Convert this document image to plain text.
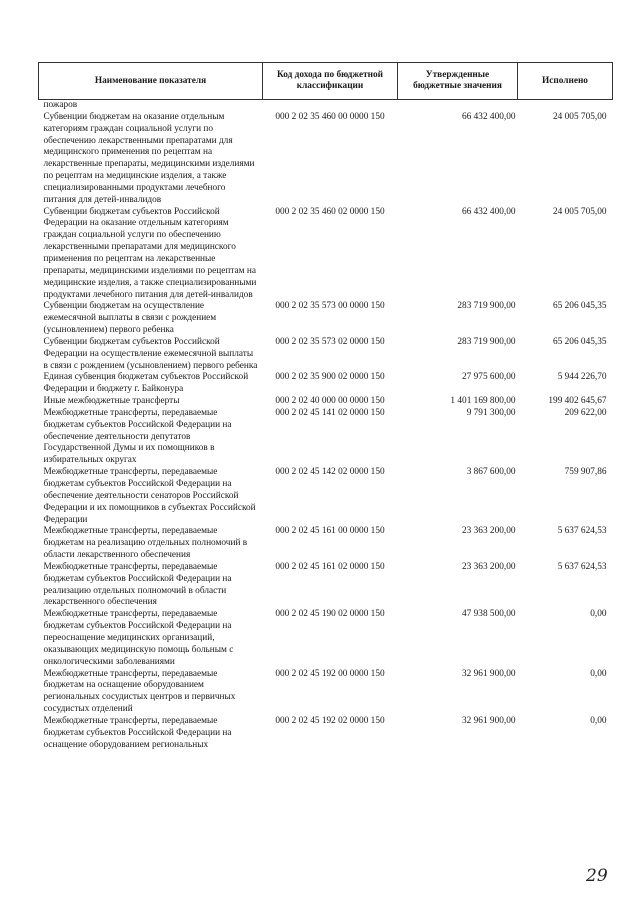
Наименование показателя	Код дохода по бюджетной классификации	Утвержденные бюджетные значения	Исполнено
пожаров			
Субвенции бюджетам на оказание отдельным категориям граждан социальной услуги по обеспечению лекарственными препаратами для медицинского применения по рецептам на лекарственные препараты, медицинскими изделиями по рецептам на медицинские изделия, а также специализированными продуктами лечебного питания для детей-инвалидов	000 2 02 35 460 00 0000 150	66 432 400,00	24 005 705,00
Субвенции бюджетам субъектов Российской Федерации на оказание отдельным категориям граждан социальной услуги по обеспечению лекарственными препаратами для медицинского применения по рецептам на лекарственные препараты, медицинскими изделиями по рецептам на медицинские изделия, а также специализированными продуктами лечебного питания для детей-инвалидов	000 2 02 35 460 02 0000 150	66 432 400,00	24 005 705,00
Субвенции бюджетам на осуществление ежемесячной выплаты в связи с рождением (усыновлением) первого ребенка	000 2 02 35 573 00 0000 150	283 719 900,00	65 206 045,35
Субвенции бюджетам субъектов Российской Федерации на осуществление ежемесячной выплаты в связи с рождением (усыновлением) первого ребенка	000 2 02 35 573 02 0000 150	283 719 900,00	65 206 045,35
Единая субвенция бюджетам субъектов Российской Федерации и бюджету г. Байконура	000 2 02 35 900 02 0000 150	27 975 600,00	5 944 226,70
Иные межбюджетные трансферты	000 2 02 40 000 00 0000 150	1 401 169 800,00	199 402 645,67
Межбюджетные трансферты, передаваемые бюджетам субъектов Российской Федерации на обеспечение деятельности депутатов Государственной Думы и их помощников в избирательных округах	000 2 02 45 141 02 0000 150	9 791 300,00	209 622,00
Межбюджетные трансферты, передаваемые бюджетам субъектов Российской Федерации на обеспечение деятельности сенаторов Российской Федерации и их помощников в субъектах Российской Федерации	000 2 02 45 142 02 0000 150	3 867 600,00	759 907,86
Межбюджетные трансферты, передаваемые бюджетам на реализацию отдельных полномочий в области лекарственного обеспечения	000 2 02 45 161 00 0000 150	23 363 200,00	5 637 624,53
Межбюджетные трансферты, передаваемые бюджетам субъектов Российской Федерации на реализацию отдельных полномочий в области лекарственного обеспечения	000 2 02 45 161 02 0000 150	23 363 200,00	5 637 624,53
Межбюджетные трансферты, передаваемые бюджетам субъектов Российской Федерации на переоснащение медицинских организаций, оказывающих медицинскую помощь больным с онкологическими заболеваниями	000 2 02 45 190 02 0000 150	47 938 500,00	0,00
Межбюджетные трансферты, передаваемые бюджетам на оснащение оборудованием региональных сосудистых центров и первичных сосудистых отделений	000 2 02 45 192 00 0000 150	32 961 900,00	0,00
Межбюджетные трансферты, передаваемые бюджетам субъектов Российской Федерации на оснащение оборудованием региональных	000 2 02 45 192 02 0000 150	32 961 900,00	0,00
29
